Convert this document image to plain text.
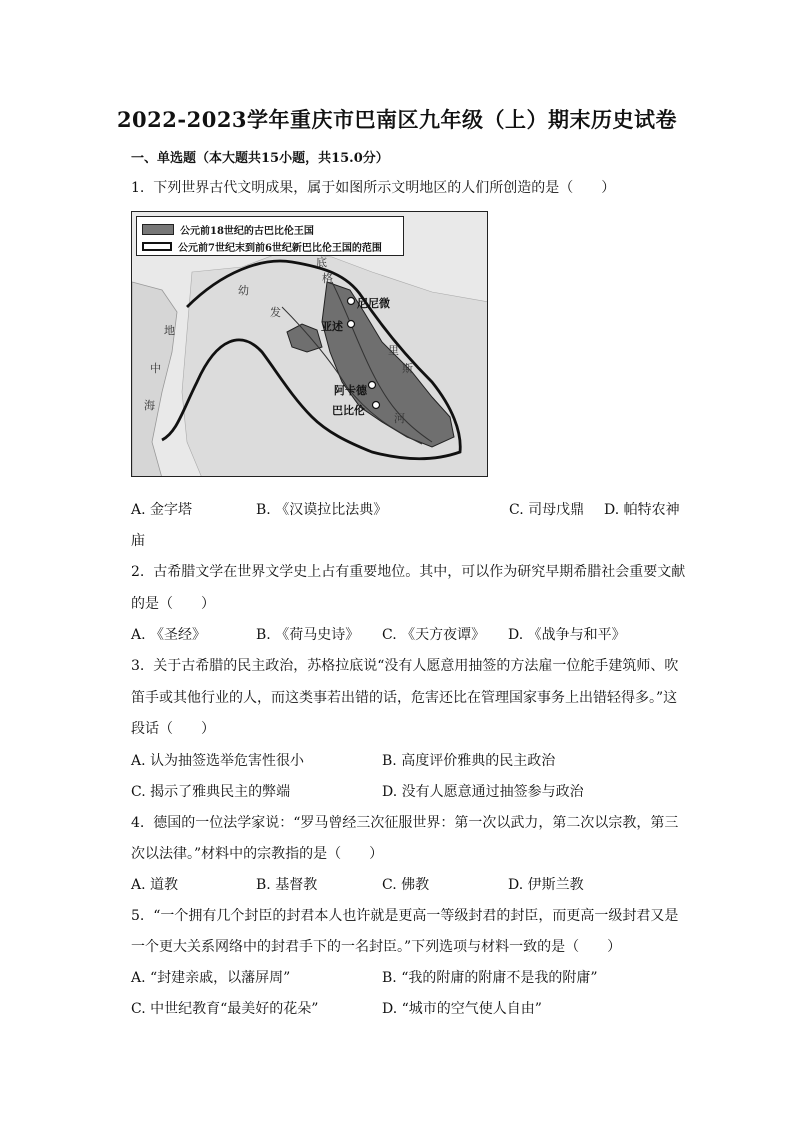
2022-2023学年重庆市巴南区九年级（上）期末历史试卷
一、单选题（本大题共15小题，共15.0分）
1. 下列世界古代文明成果，属于如图所示文明地区的人们所创造的是（　　）
公元前18世纪的古巴比伦王国
公元前7世纪末到前6世纪新巴比伦王国的范围
尼尼微
亚述
阿卡德
巴比伦
地
中
海
幼
发
底
格
河
里
斯
A. 金字塔	B. 《汉谟拉比法典》	C. 司母戊鼎 D. 帕特农神
庙
2. 古希腊文学在世界文学史上占有重要地位。其中，可以作为研究早期希腊社会重要文献
的是（　　）
A. 《圣经》	B. 《荷马史诗》 C. 《天方夜谭》 D. 《战争与和平》
3. 关于古希腊的民主政治，苏格拉底说“没有人愿意用抽签的方法雇一位舵手建筑师、吹
笛手或其他行业的人，而这类事若出错的话，危害还比在管理国家事务上出错轻得多。”这
段话（　　）
A. 认为抽签选举危害性很小	B. 高度评价雅典的民主政治
C. 揭示了雅典民主的弊端	D. 没有人愿意通过抽签参与政治
4. 德国的一位法学家说：“罗马曾经三次征服世界：第一次以武力，第二次以宗教，第三
次以法律。”材料中的宗教指的是（　　）
A. 道教	B. 基督教	C. 佛教	D. 伊斯兰教
5. “一个拥有几个封臣的封君本人也许就是更高一等级封君的封臣，而更高一级封君又是
一个更大关系网络中的封君手下的一名封臣。”下列选项与材料一致的是（　　）
A. “封建亲戚，以藩屏周”	B. “我的附庸的附庸不是我的附庸”
C. 中世纪教育“最美好的花朵”	D. “城市的空气使人自由”
